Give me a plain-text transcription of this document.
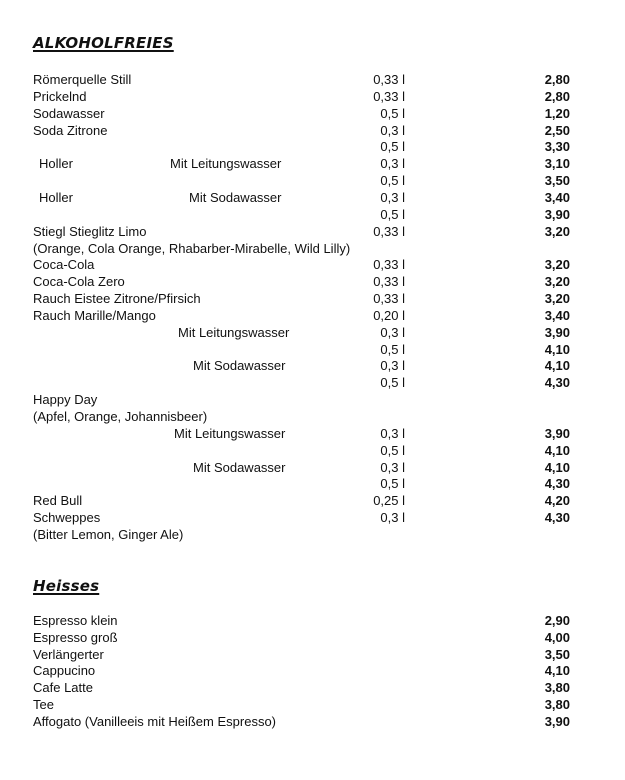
ALKOHOLFREIES
Römerquelle Still	0,33 l	2,80
Prickelnd	0,33 l	2,80
Sodawasser	0,5 l	1,20
Soda Zitrone	0,3 l	2,50
0,5 l	3,30
Holler	Mit Leitungswasser	0,3 l	3,10
0,5 l	3,50
Holler	Mit Sodawasser	0,3 l	3,40
0,5 l	3,90
Stiegl Stieglitz Limo	0,33 l	3,20
(Orange, Cola Orange, Rhabarber-Mirabelle, Wild Lilly)
Coca-Cola	0,33 l	3,20
Coca-Cola Zero	0,33 l	3,20
Rauch Eistee Zitrone/Pfirsich	0,33 l	3,20
Rauch Marille/Mango	0,20 l	3,40
Mit Leitungswasser	0,3 l	3,90
0,5 l	4,10
Mit Sodawasser	0,3 l	4,10
0,5 l	4,30
Happy Day
(Apfel, Orange, Johannisbeer)
Mit Leitungswasser	0,3 l	3,90
0,5 l	4,10
Mit Sodawasser	0,3 l	4,10
0,5 l	4,30
Red Bull	0,25 l	4,20
Schweppes	0,3 l	4,30
(Bitter Lemon, Ginger Ale)
Heisses
Espresso klein	2,90
Espresso groß	4,00
Verlängerter	3,50
Cappucino	4,10
Cafe Latte	3,80
Tee	3,80
Affogato (Vanilleeis mit Heißem Espresso)	3,90
